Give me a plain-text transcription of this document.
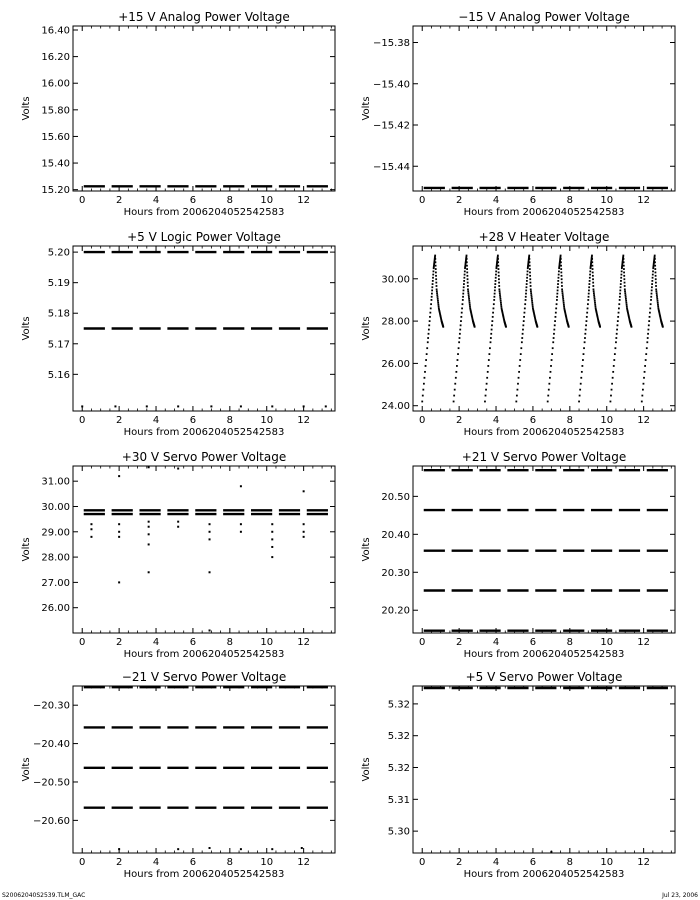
+15 V Analog Power Voltage
0	2	4	6	8	10 12
15.20
15.40
15.60
15.80
16.00
16.20
16.40
Hours from 2006204052542583
Volts
−15 V Analog Power Voltage
0	2	4	6	8	10 12
−15.38
−15.40
−15.42
−15.44
Hours from 2006204052542583
Volts
+5 V Logic Power Voltage
0	2	4	6	8	10 12
5.16
5.17
5.18
5.19
5.20
Hours from 2006204052542583
Volts
+28 V Heater Voltage
0	2	4	6	8	10 12
24.00
26.00
28.00
30.00
Hours from 2006204052542583
Volts
+30 V Servo Power Voltage
0	2	4	6	8	10 12
26.00
27.00
28.00
29.00
30.00
31.00
Hours from 2006204052542583
Volts
+21 V Servo Power Voltage
0	2	4	6	8	10 12
20.20
20.30
20.40
20.50
Hours from 2006204052542583
Volts
−21 V Servo Power Voltage
0	2	4	6	8	10 12
−20.30
−20.40
−20.50
−20.60
Hours from 2006204052542583
Volts
+5 V Servo Power Voltage
0	2	4	6	8	10 12
5.30
5.31
5.32
5.32
5.32
Hours from 2006204052542583
Volts
S20062040S2539.TLM_GAC	Jul 23, 2006
